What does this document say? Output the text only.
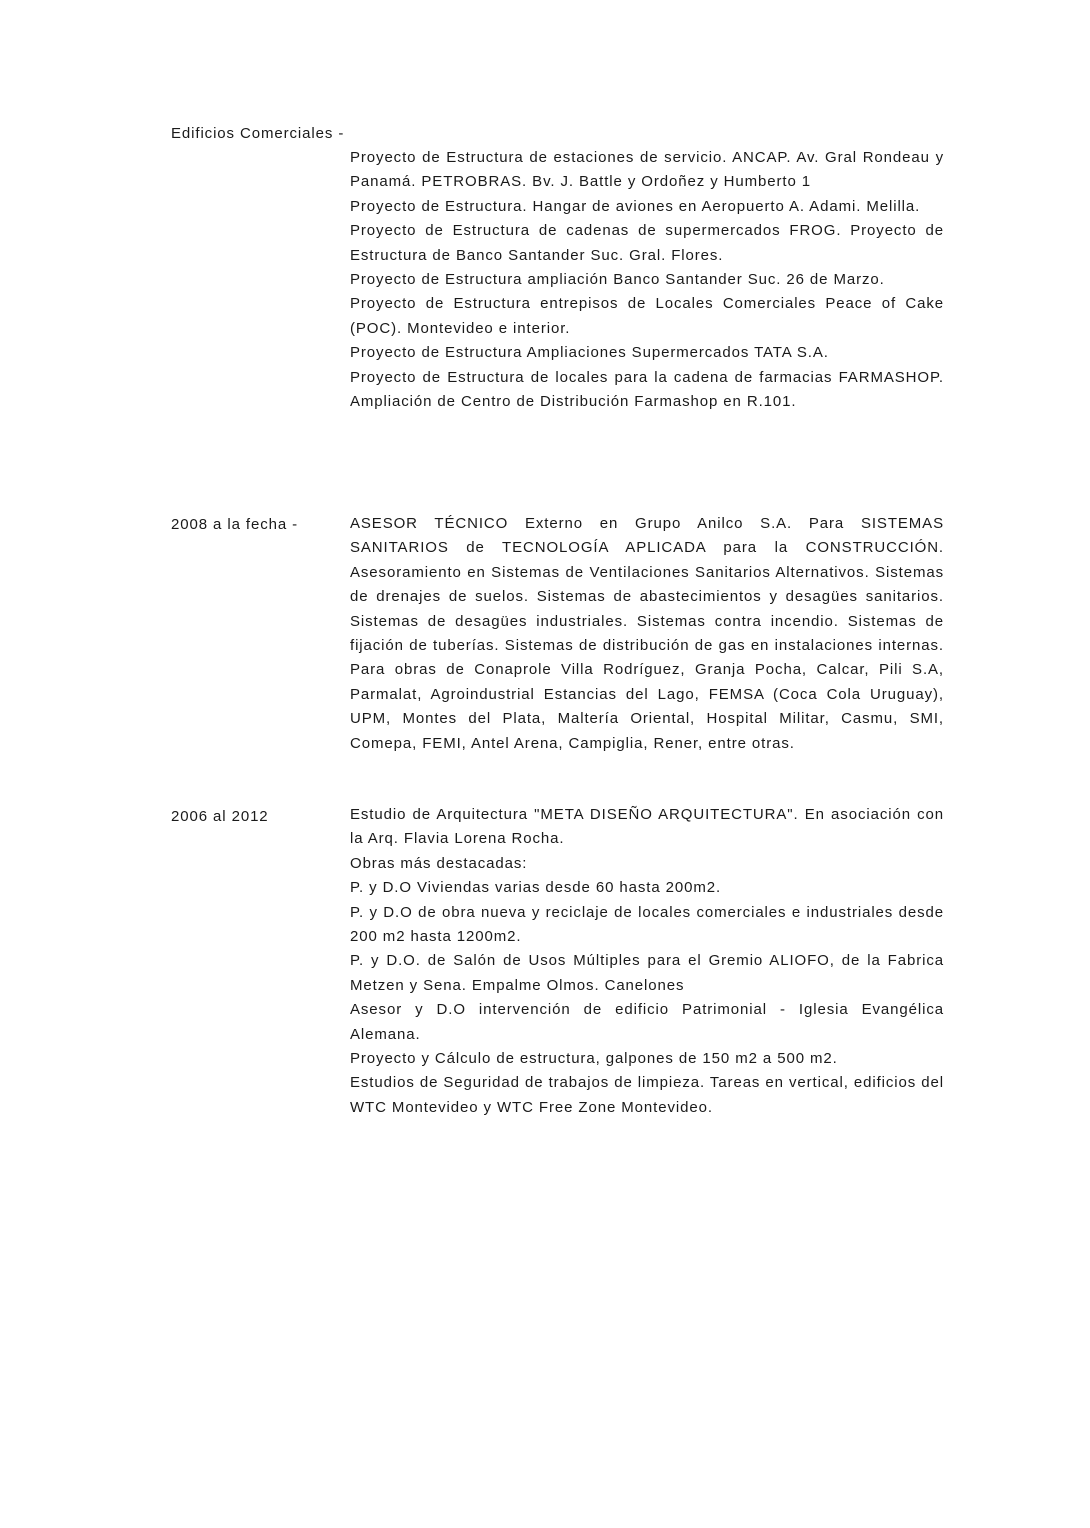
Edificios Comerciales -

Proyecto de Estructura de estaciones de servicio. ANCAP. Av. Gral Rondeau y Panamá. PETROBRAS. Bv. J. Battle y Ordoñez y Humberto 1

Proyecto de Estructura. Hangar de aviones en Aeropuerto A. Adami. Melilla.

Proyecto de Estructura de cadenas de supermercados FROG. Proyecto de Estructura de Banco Santander Suc. Gral. Flores.

Proyecto de Estructura ampliación Banco Santander Suc. 26 de Marzo.

Proyecto de Estructura entrepisos de Locales Comerciales Peace of Cake (POC). Montevideo e interior.

Proyecto de Estructura Ampliaciones Supermercados TATA S.A.

Proyecto de Estructura de locales para la cadena de farmacias FARMASHOP. Ampliación de Centro de Distribución Farmashop en R.101.

2008 a la fecha -	ASESOR TÉCNICO Externo en Grupo Anilco S.A. Para SISTEMAS SANITARIOS de TECNOLOGÍA APLICADA para la CONSTRUCCIÓN. Asesoramiento en Sistemas de Ventilaciones Sanitarios Alternativos. Sistemas de drenajes de suelos. Sistemas de abastecimientos y desagües sanitarios. Sistemas de desagües industriales. Sistemas contra incendio. Sistemas de fijación de tuberías. Sistemas de distribución de gas en instalaciones internas. Para obras de Conaprole Villa Rodríguez, Granja Pocha, Calcar, Pili S.A, Parmalat, Agroindustrial Estancias del Lago, FEMSA (Coca Cola Uruguay), UPM, Montes del Plata, Maltería Oriental, Hospital Militar, Casmu, SMI, Comepa, FEMI, Antel Arena, Campiglia, Rener, entre otras.

2006 al 2012	Estudio de Arquitectura "META DISEÑO ARQUITECTURA". En asociación con la Arq. Flavia Lorena Rocha.

Obras más destacadas:

P. y D.O Viviendas varias desde 60 hasta 200m2.

P. y D.O de obra nueva y reciclaje de locales comerciales e industriales desde 200 m2 hasta 1200m2.

P. y D.O. de Salón de Usos Múltiples para el Gremio ALIOFO, de la Fabrica Metzen y Sena. Empalme Olmos. Canelones

Asesor y D.O intervención de edificio Patrimonial - Iglesia Evangélica Alemana.

Proyecto y Cálculo de estructura, galpones de 150 m2 a 500 m2.

Estudios de Seguridad de trabajos de limpieza. Tareas en vertical, edificios del WTC Montevideo y WTC Free Zone Montevideo.
